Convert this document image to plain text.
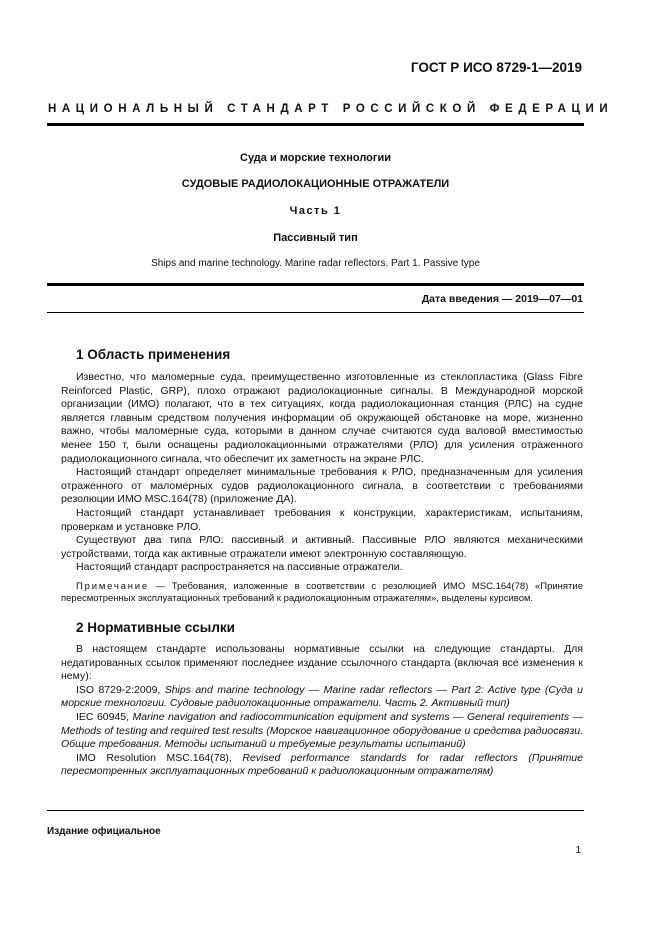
ГОСТ Р ИСО 8729-1—2019
НАЦИОНАЛЬНЫЙ СТАНДАРТ РОССИЙСКОЙ ФЕДЕРАЦИИ
Суда и морские технологии
СУДОВЫЕ РАДИОЛОКАЦИОННЫЕ ОТРАЖАТЕЛИ
Часть 1
Пассивный тип
Ships and marine technology. Marine radar reflectors. Part 1. Passive type
Дата введения — 2019—07—01
1 Область применения

Известно, что маломерные суда, преимущественно изготовленные из стеклопластика (Glass Fibre Reinforced Plastic, GRP), плохо отражают радиолокационные сигналы. В Международной морской организации (ИМО) полагают, что в тех ситуациях, когда радиолокационная станция (РЛС) на судне является главным средством получения информации об окружающей обстановке на море, жизненно важно, чтобы маломерные суда, которыми в данном случае считаются суда валовой вместимостью менее 150 т, были оснащены радиолокационными отражателями (РЛО) для усиления отраженного радиолокационного сигнала, что обеспечит их заметность на экране РЛС.

Настоящий стандарт определяет минимальные требования к РЛО, предназначенным для усиления отраженного от маломерных судов радиолокационного сигнала, в соответствии с требованиями резолюции ИМО MSC.164(78) (приложение ДА).

Настоящий стандарт устанавливает требования к конструкции, характеристикам, испытаниям, проверкам и установке РЛО.

Существуют два типа РЛО: пассивный и активный. Пассивные РЛО являются механическими устройствами, тогда как активные отражатели имеют электронную составляющую.

Настоящий стандарт распространяется на пассивные отражатели.

Примечание — Требования, изложенные в соответствии с резолюцией ИМО MSC.164(78) «Принятие пересмотренных эксплуатационных требований к радиолокационным отражателям», выделены курсивом.

2 Нормативные ссылки

В настоящем стандарте использованы нормативные ссылки на следующие стандарты. Для недатированных ссылок применяют последнее издание ссылочного стандарта (включая все изменения к нему):

ISO 8729-2:2009, Ships and marine technology — Marine radar reflectors — Part 2: Active type (Суда и морские технологии. Судовые радиолокационные отражатели. Часть 2. Активный тип)

IEC 60945, Marine navigation and radiocommunication equipment and systems — General requirements — Methods of testing and required test results (Морское навигационное оборудование и средства радиосвязи. Общие требования. Методы испытаний и требуемые результаты испытаний)

IMO Resolution MSC.164(78), Revised performance standards for radar reflectors (Принятие пересмотренных эксплуатационных требований к радиолокационным отражателям)

Издание официальное
1
